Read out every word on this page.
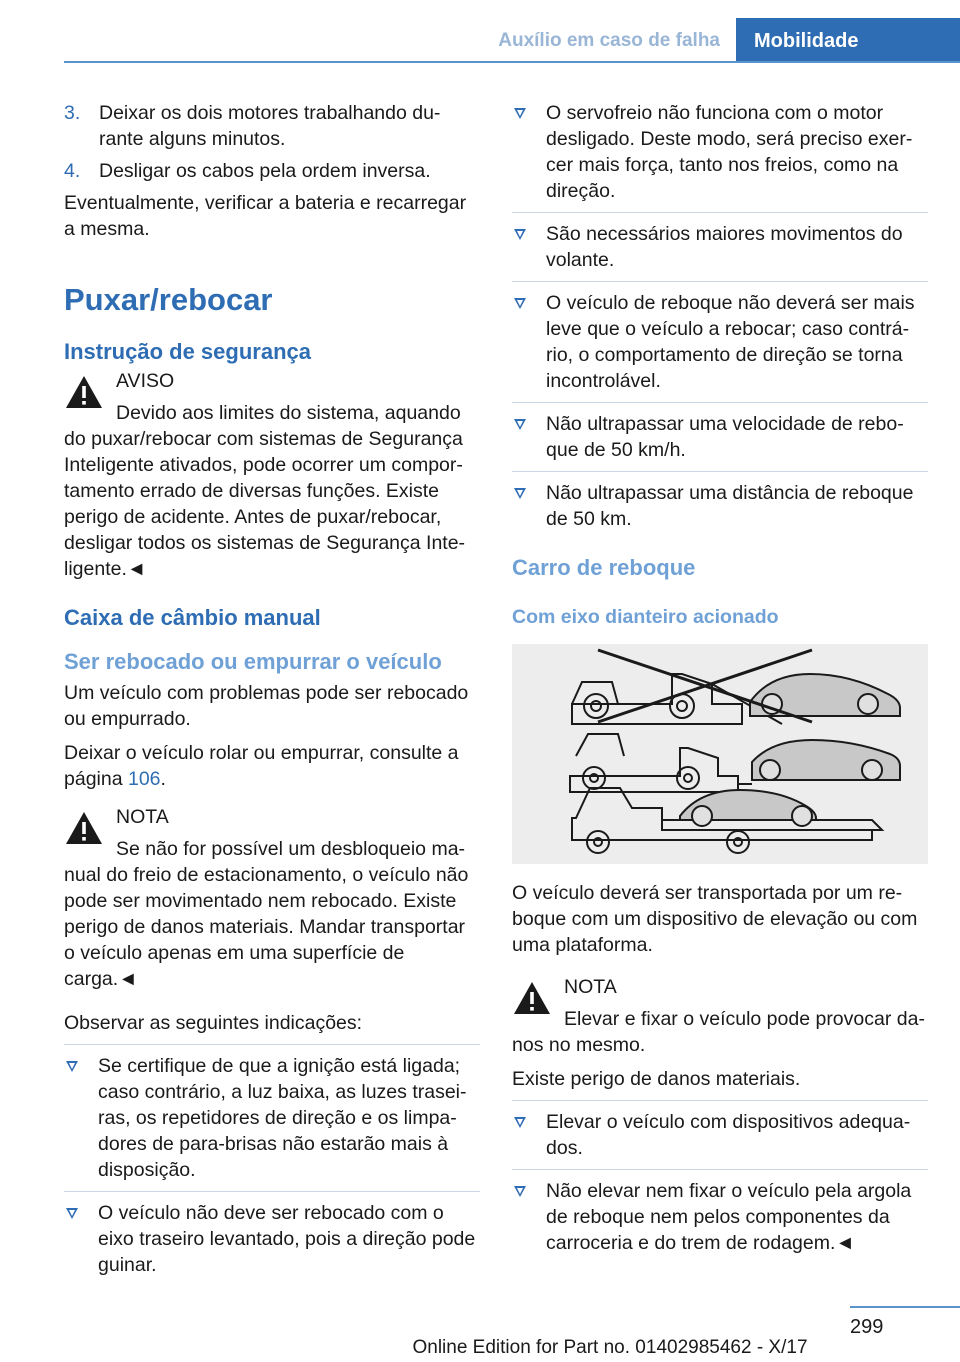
Auxílio em caso de falha	Mobilidade
3. Deixar os dois motores trabalhando du-rante alguns minutos.
4. Desligar os cabos pela ordem inversa.

Eventualmente, verificar a bateria e recarregar a mesma.

Puxar/rebocar
Instrução de segurança
AVISO
Devido aos limites do sistema, aquando
do puxar/rebocar com sistemas de Segurança Inteligente ativados, pode ocorrer um compor-tamento errado de diversas funções. Existe perigo de acidente. Antes de puxar/rebocar, desligar todos os sistemas de Segurança Inte-ligente.◄
Caixa de câmbio manual
Ser rebocado ou empurrar o veículo

Um veículo com problemas pode ser rebocado ou empurrado.

Deixar o veículo rolar ou empurrar, consulte a página 106.

NOTA
Se não for possível um desbloqueio ma-
nual do freio de estacionamento, o veículo não pode ser movimentado nem rebocado. Existe perigo de danos materiais. Mandar transportar o veículo apenas em uma superfície de carga.◄

Observar as seguintes indicações:

Se certifique de que a ignição está ligada; caso contrário, a luz baixa, as luzes trasei-ras, os repetidores de direção e os limpa-dores de para-brisas não estarão mais à disposição.
O veículo não deve ser rebocado com o eixo traseiro levantado, pois a direção pode guinar.
O servofreio não funciona com o motor desligado. Deste modo, será preciso exer-cer mais força, tanto nos freios, como na direção.
São necessários maiores movimentos do volante.
O veículo de reboque não deverá ser mais leve que o veículo a rebocar; caso contrá-rio, o comportamento de direção se torna incontrolável.
Não ultrapassar uma velocidade de rebo-que de 50 km/h.
Não ultrapassar uma distância de reboque de 50 km.
Carro de reboque
Com eixo dianteiro acionado

O veículo deverá ser transportada por um re-boque com um dispositivo de elevação ou com uma plataforma.

NOTA
Elevar e fixar o veículo pode provocar da-
nos no mesmo.

Existe perigo de danos materiais.

Elevar o veículo com dispositivos adequa-dos.
Não elevar nem fixar o veículo pela argola de reboque nem pelos componentes da carroceria e do trem de rodagem.◄
299
Online Edition for Part no. 01402985462 - X/17
